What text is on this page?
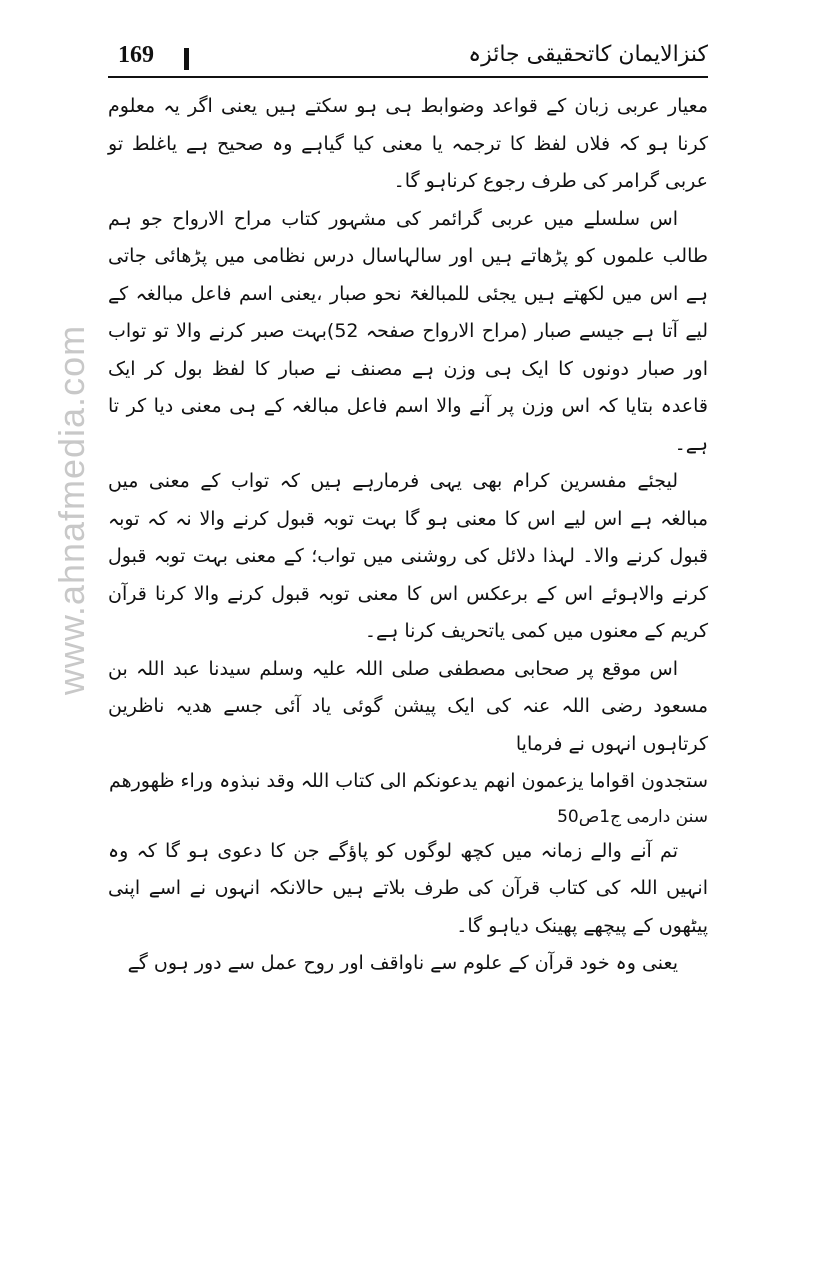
169	کنزالایمان کاتحقیقی جائزہ
www.ahnafmedia.com

معیار عربی زبان کے قواعد وضوابط ہی ہو سکتے ہیں یعنی اگر یہ معلوم کرنا ہو کہ فلاں لفظ کا ترجمہ یا معنی کیا گیاہے وہ صحیح ہے یاغلط تو عربی گرامر کی طرف رجوع کرناہو گا۔

اس سلسلے میں عربی گرائمر کی مشہور کتاب مراح الارواح جو ہم طالب علموں کو پڑھاتے ہیں اور سالہاسال درس نظامی میں پڑھائی جاتی ہے اس میں لکھتے ہیں یجئی للمبالغۃ نحو صبار ،یعنی اسم فاعل مبالغہ کے لیے آتا ہے جیسے صبار (مراح الارواح صفحہ 52)بہت صبر کرنے والا تو تواب اور صبار دونوں کا ایک ہی وزن ہے مصنف نے صبار کا لفظ بول کر ایک قاعدہ بتایا کہ اس وزن پر آنے والا اسم فاعل مبالغہ کے ہی معنی دیا کر تا ہے۔

لیجئے مفسرین کرام بھی یہی فرمارہے ہیں کہ تواب کے معنی میں مبالغہ ہے اس لیے اس کا معنی ہو گا بہت توبہ قبول کرنے والا نہ کہ توبہ قبول کرنے والا۔ لہذا دلائل کی روشنی میں تواب؛ کے معنی بہت توبہ قبول کرنے والاہوئے اس کے برعکس اس کا معنی توبہ قبول کرنے والا کرنا قرآن کریم کے معنوں میں کمی یاتحریف کرنا ہے۔

اس موقع پر صحابی مصطفی صلی اللہ علیہ وسلم سیدنا عبد اللہ بن مسعود رضی اللہ عنہ کی ایک پیشن گوئی یاد آئی جسے ھدیہ ناظرین کرتاہوں انہوں نے فرمایا

ستجدون اقواما یزعمون انھم یدعونکم الی کتاب اللہ وقد نبذوہ وراء ظھورھم

سنن دارمی ج1ص50

تم آنے والے زمانہ میں کچھ لوگوں کو پاؤگے جن کا دعوی ہو گا کہ وہ انہیں اللہ کی کتاب قرآن کی طرف بلاتے ہیں حالانکہ انہوں نے اسے اپنی پیٹھوں کے پیچھے پھینک دیاہو گا۔

یعنی وہ خود قرآن کے علوم سے ناواقف اور روح عمل سے دور ہوں گے
